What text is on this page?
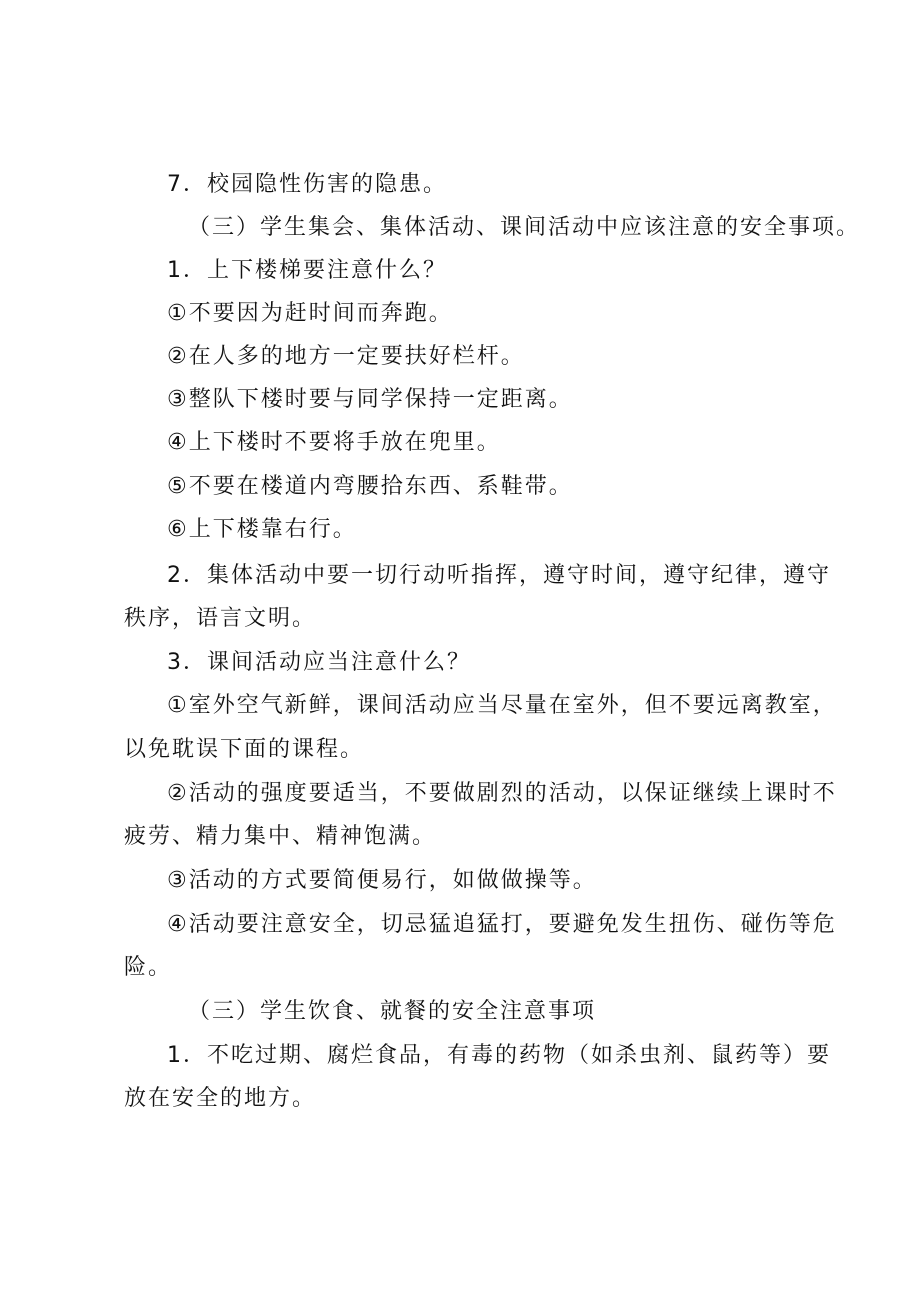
7．校园隐性伤害的隐患。
（三）学生集会、集体活动、课间活动中应该注意的安全事项。
1．上下楼梯要注意什么？
①不要因为赶时间而奔跑。
②在人多的地方一定要扶好栏杆。
③整队下楼时要与同学保持一定距离。
④上下楼时不要将手放在兜里。
⑤不要在楼道内弯腰拾东西、系鞋带。
⑥上下楼靠右行。
2．集体活动中要一切行动听指挥，遵守时间，遵守纪律，遵守
秩序，语言文明。
3．课间活动应当注意什么？
①室外空气新鲜，课间活动应当尽量在室外，但不要远离教室，
以免耽误下面的课程。
②活动的强度要适当，不要做剧烈的活动，以保证继续上课时不
疲劳、精力集中、精神饱满。
③活动的方式要简便易行，如做做操等。
④活动要注意安全，切忌猛追猛打，要避免发生扭伤、碰伤等危
险。
（三）学生饮食、就餐的安全注意事项
1．不吃过期、腐烂食品，有毒的药物（如杀虫剂、鼠药等）要
放在安全的地方。
